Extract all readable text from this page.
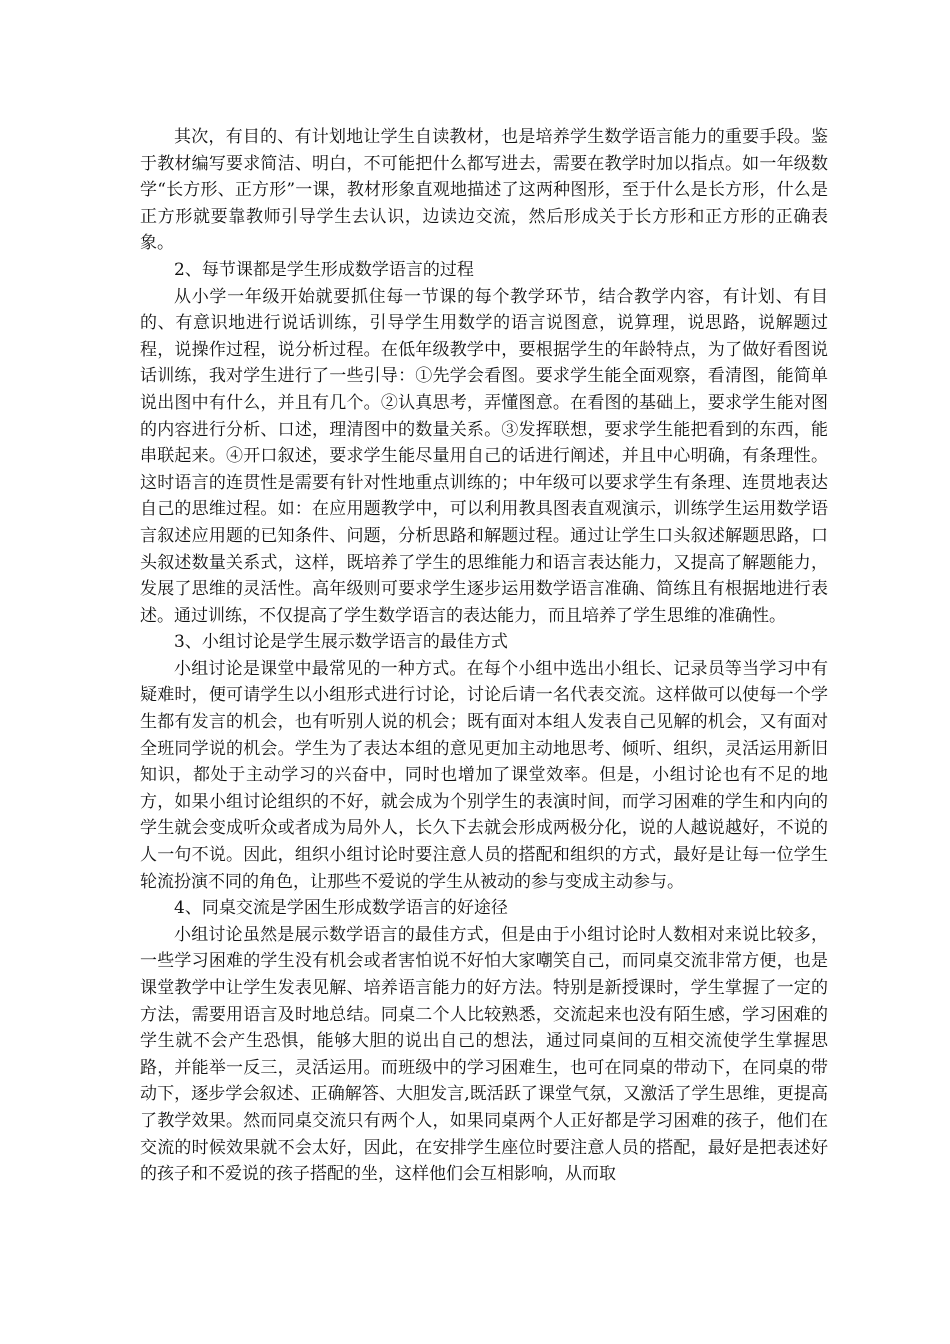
其次，有目的、有计划地让学生自读教材，也是培养学生数学语言能力的重要手段。鉴于教材编写要求简洁、明白，不可能把什么都写进去，需要在教学时加以指点。如一年级数学“长方形、正方形”一课，教材形象直观地描述了这两种图形，至于什么是长方形，什么是正方形就要靠教师引导学生去认识，边读边交流，然后形成关于长方形和正方形的正确表象。

2、每节课都是学生形成数学语言的过程

从小学一年级开始就要抓住每一节课的每个教学环节，结合教学内容，有计划、有目的、有意识地进行说话训练，引导学生用数学的语言说图意，说算理，说思路，说解题过程，说操作过程，说分析过程。在低年级教学中，要根据学生的年龄特点，为了做好看图说话训练，我对学生进行了一些引导：①先学会看图。要求学生能全面观察，看清图，能简单说出图中有什么，并且有几个。②认真思考，弄懂图意。在看图的基础上，要求学生能对图的内容进行分析、口述，理清图中的数量关系。③发挥联想，要求学生能把看到的东西，能串联起来。④开口叙述，要求学生能尽量用自己的话进行阐述，并且中心明确，有条理性。这时语言的连贯性是需要有针对性地重点训练的；中年级可以要求学生有条理、连贯地表达自己的思维过程。如：在应用题教学中，可以利用教具图表直观演示，训练学生运用数学语言叙述应用题的已知条件、问题，分析思路和解题过程。通过让学生口头叙述解题思路，口头叙述数量关系式，这样，既培养了学生的思维能力和语言表达能力，又提高了解题能力，发展了思维的灵活性。高年级则可要求学生逐步运用数学语言准确、简练且有根据地进行表述。通过训练，不仅提高了学生数学语言的表达能力，而且培养了学生思维的准确性。

3、小组讨论是学生展示数学语言的最佳方式

小组讨论是课堂中最常见的一种方式。在每个小组中选出小组长、记录员等当学习中有疑难时，便可请学生以小组形式进行讨论，讨论后请一名代表交流。这样做可以使每一个学生都有发言的机会，也有听别人说的机会；既有面对本组人发表自己见解的机会，又有面对全班同学说的机会。学生为了表达本组的意见更加主动地思考、倾听、组织，灵活运用新旧知识，都处于主动学习的兴奋中，同时也增加了课堂效率。但是，小组讨论也有不足的地方，如果小组讨论组织的不好，就会成为个别学生的表演时间，而学习困难的学生和内向的学生就会变成听众或者成为局外人，长久下去就会形成两极分化，说的人越说越好，不说的人一句不说。因此，组织小组讨论时要注意人员的搭配和组织的方式，最好是让每一位学生轮流扮演不同的角色，让那些不爱说的学生从被动的参与变成主动参与。

4、同桌交流是学困生形成数学语言的好途径

小组讨论虽然是展示数学语言的最佳方式，但是由于小组讨论时人数相对来说比较多，一些学习困难的学生没有机会或者害怕说不好怕大家嘲笑自己，而同桌交流非常方便，也是课堂教学中让学生发表见解、培养语言能力的好方法。特别是新授课时，学生掌握了一定的方法，需要用语言及时地总结。同桌二个人比较熟悉，交流起来也没有陌生感，学习困难的学生就不会产生恐惧，能够大胆的说出自己的想法，通过同桌间的互相交流使学生掌握思路，并能举一反三，灵活运用。而班级中的学习困难生，也可在同桌的带动下，在同桌的带动下，逐步学会叙述、正确解答、大胆发言,既活跃了课堂气氛，又激活了学生思维，更提高了教学效果。然而同桌交流只有两个人，如果同桌两个人正好都是学习困难的孩子，他们在交流的时候效果就不会太好，因此，在安排学生座位时要注意人员的搭配，最好是把表述好的孩子和不爱说的孩子搭配的坐，这样他们会互相影响，从而取
